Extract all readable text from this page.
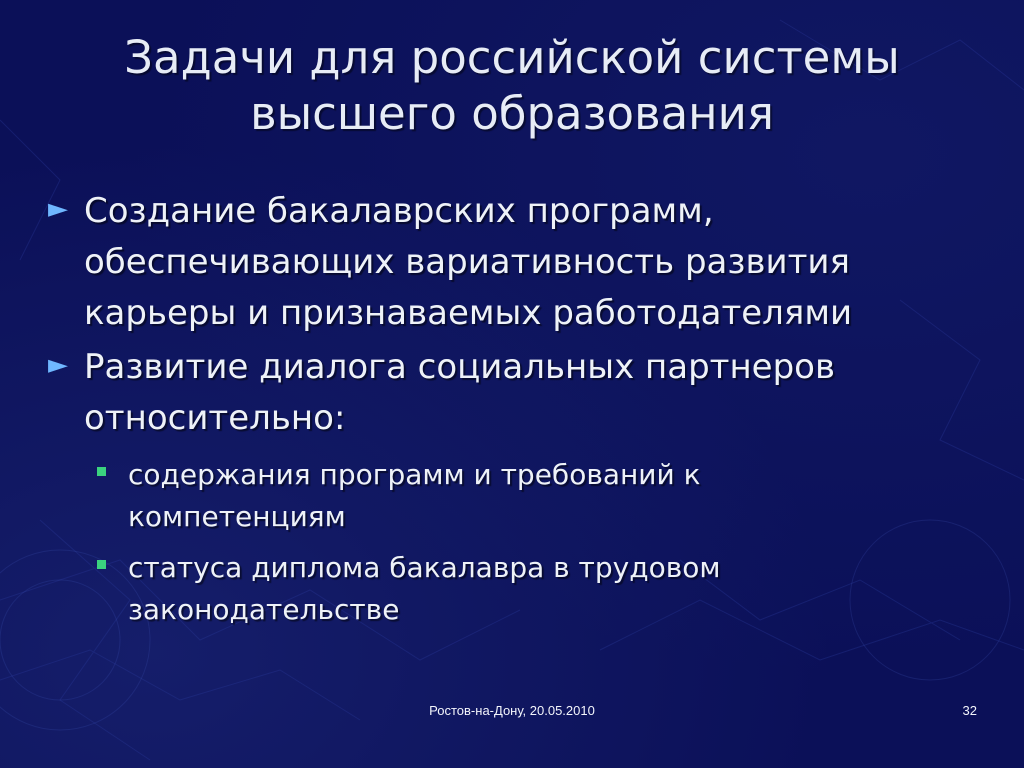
Задачи для российской системы
высшего образования
► Создание бакалаврских программ,
обеспечивающих вариативность развития
карьеры и признаваемых работодателями
► Развитие диалога социальных партнеров
относительно:
содержания программ и требований к
компетенциям
статуса диплома бакалавра в трудовом
законодательстве
Ростов-на-Дону, 20.05.2010	32
